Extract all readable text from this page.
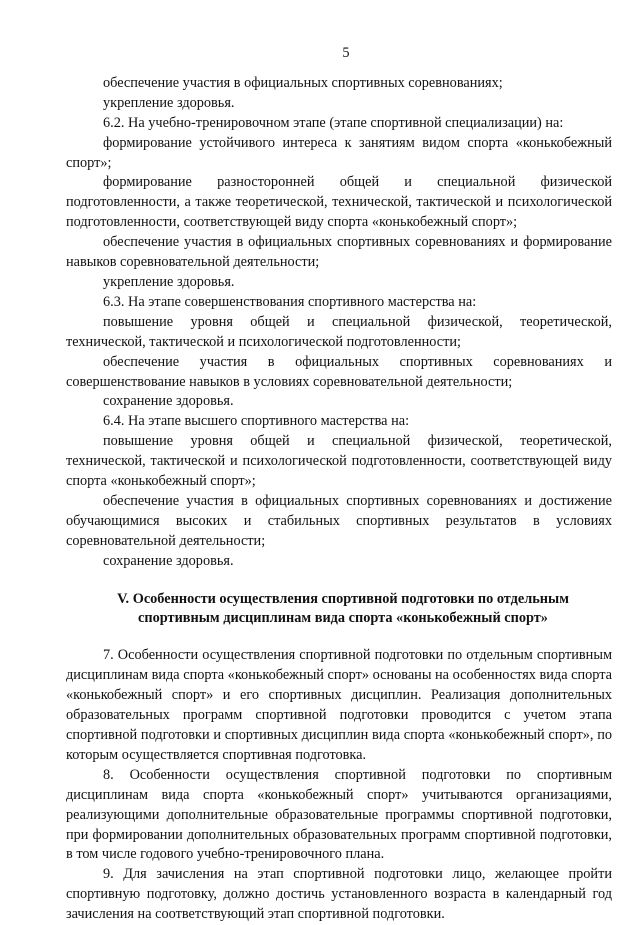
5

обеспечение участия в официальных спортивных соревнованиях;

укрепление здоровья.

6.2. На учебно-тренировочном этапе (этапе спортивной специализации) на:

формирование устойчивого интереса к занятиям видом спорта «конькобежный спорт»;

формирование разносторонней общей и специальной физической подготовленности, а также теоретической, технической, тактической и психологической подготовленности, соответствующей виду спорта «конькобежный спорт»;

обеспечение участия в официальных спортивных соревнованиях и формирование навыков соревновательной деятельности;

укрепление здоровья.

6.3. На этапе совершенствования спортивного мастерства на:

повышение уровня общей и специальной физической, теоретической, технической, тактической и психологической подготовленности;

обеспечение участия в официальных спортивных соревнованиях и совершенствование навыков в условиях соревновательной деятельности;

сохранение здоровья.

6.4. На этапе высшего спортивного мастерства на:

повышение уровня общей и специальной физической, теоретической, технической, тактической и психологической подготовленности, соответствующей виду спорта «конькобежный спорт»;

обеспечение участия в официальных спортивных соревнованиях и достижение обучающимися высоких и стабильных спортивных результатов в условиях соревновательной деятельности;

сохранение здоровья.

V. Особенности осуществления спортивной подготовки по отдельным
спортивным дисциплинам вида спорта «конькобежный спорт»

7. Особенности осуществления спортивной подготовки по отдельным спортивным дисциплинам вида спорта «конькобежный спорт» основаны на особенностях вида спорта «конькобежный спорт» и его спортивных дисциплин. Реализация дополнительных образовательных программ спортивной подготовки проводится с учетом этапа спортивной подготовки и спортивных дисциплин вида спорта «конькобежный спорт», по которым осуществляется спортивная подготовка.

8. Особенности осуществления спортивной подготовки по спортивным дисциплинам вида спорта «конькобежный спорт» учитываются организациями, реализующими дополнительные образовательные программы спортивной подготовки, при формировании дополнительных образовательных программ спортивной подготовки, в том числе годового учебно-тренировочного плана.

9. Для зачисления на этап спортивной подготовки лицо, желающее пройти спортивную подготовку, должно достичь установленного возраста в календарный год зачисления на соответствующий этап спортивной подготовки.
